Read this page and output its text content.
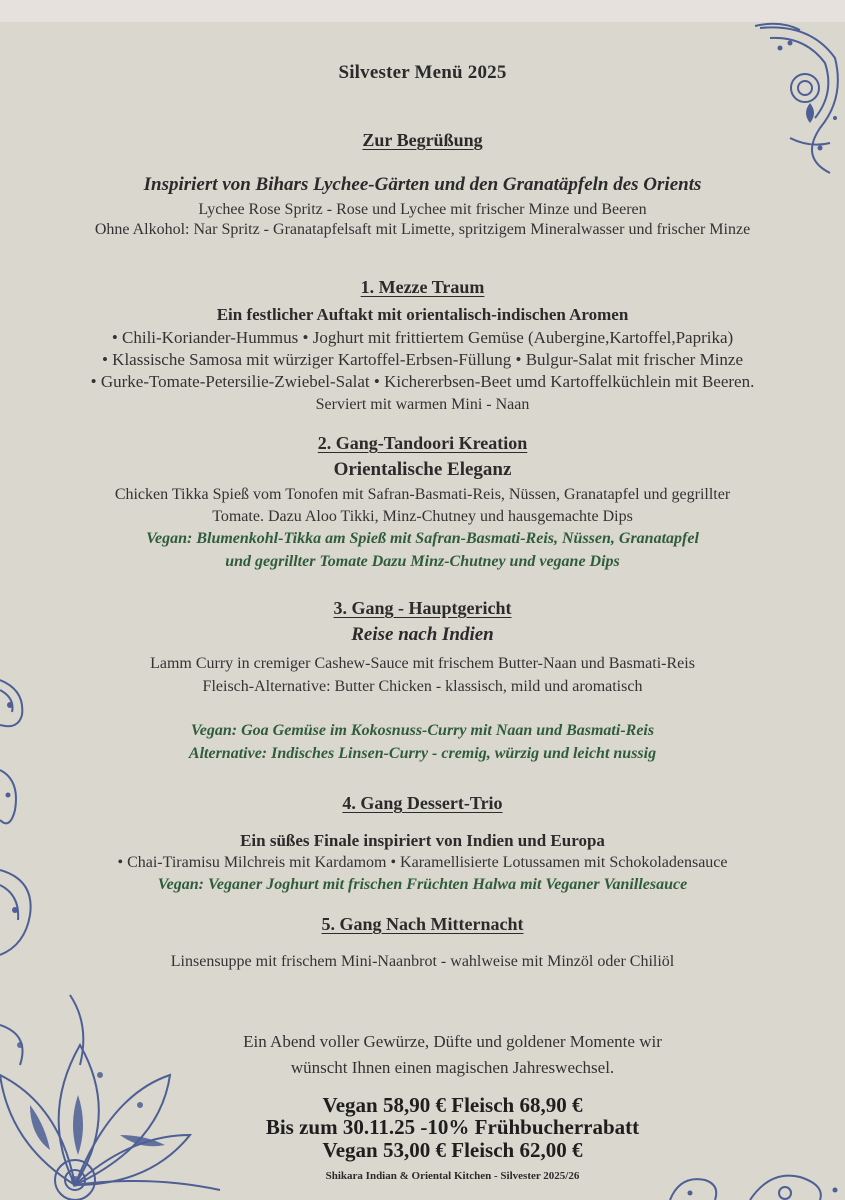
Silvester Menü 2025
Zur Begrüßung
Inspiriert von Bihars Lychee-Gärten und den Granatäpfeln des Orients
Lychee Rose Spritz - Rose und Lychee mit frischer Minze und Beeren
Ohne Alkohol: Nar Spritz - Granatapfelsaft mit Limette, spritzigem Mineralwasser und frischer Minze
1. Mezze Traum
Ein festlicher Auftakt mit orientalisch-indischen Aromen
• Chili-Koriander-Hummus • Joghurt mit frittiertem Gemüse (Aubergine,Kartoffel,Paprika)
• Klassische Samosa mit würziger Kartoffel-Erbsen-Füllung • Bulgur-Salat mit frischer Minze
• Gurke-Tomate-Petersilie-Zwiebel-Salat • Kichererbsen-Beet umd Kartoffelküchlein mit Beeren.
Serviert mit warmen Mini - Naan
2. Gang-Tandoori Kreation
Orientalische Eleganz
Chicken Tikka Spieß vom Tonofen mit Safran-Basmati-Reis, Nüssen, Granatapfel und gegrillter
Tomate. Dazu Aloo Tikki, Minz-Chutney und hausgemachte Dips
Vegan: Blumenkohl-Tikka am Spieß mit Safran-Basmati-Reis, Nüssen, Granatapfel
und gegrillter Tomate Dazu Minz-Chutney und vegane Dips
3. Gang - Hauptgericht
Reise nach Indien
Lamm Curry in cremiger Cashew-Sauce mit frischem Butter-Naan und Basmati-Reis
Fleisch-Alternative: Butter Chicken - klassisch, mild und aromatisch
Vegan: Goa Gemüse im Kokosnuss-Curry mit Naan und Basmati-Reis
Alternative: Indisches Linsen-Curry - cremig, würzig und leicht nussig
4. Gang Dessert-Trio
Ein süßes Finale inspiriert von Indien und Europa
• Chai-Tiramisu Milchreis mit Kardamom • Karamellisierte Lotussamen mit Schokoladensauce
Vegan: Veganer Joghurt mit frischen Früchten Halwa mit Veganer Vanillesauce
5. Gang Nach Mitternacht
Linsensuppe mit frischem Mini-Naanbrot - wahlweise mit Minzöl oder Chiliöl
Ein Abend voller Gewürze, Düfte und goldener Momente wir
wünscht Ihnen einen magischen Jahreswechsel.
Vegan 58,90 € Fleisch 68,90 €
Bis zum 30.11.25 -10% Frühbucherrabatt
Vegan 53,00 € Fleisch 62,00 €
Shikara Indian & Oriental Kitchen - Silvester 2025/26
